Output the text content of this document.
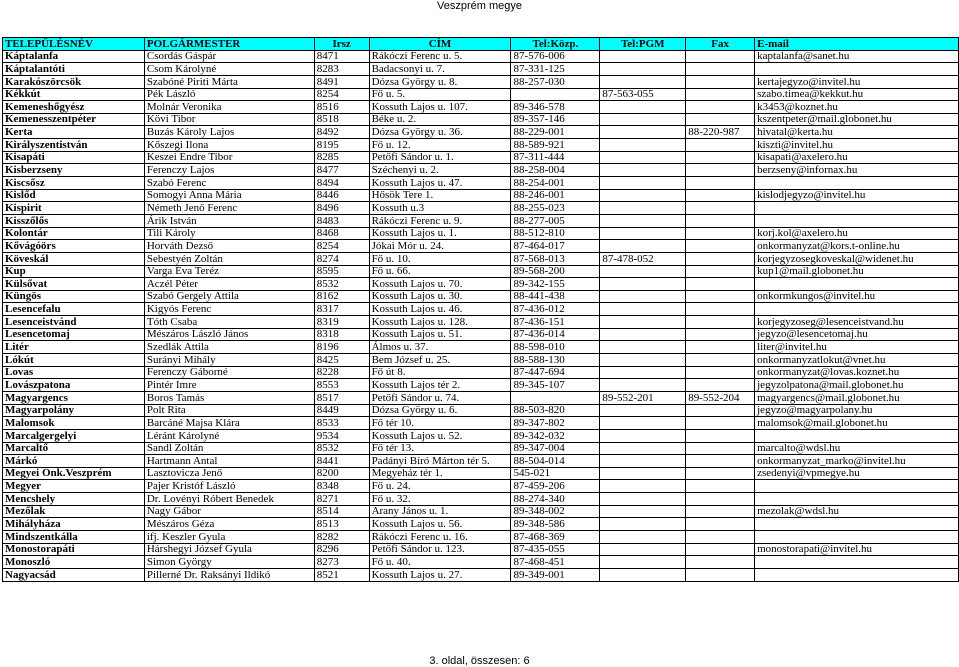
Veszprém megye
TELEPÜLÉSNÉV	POLGÁRMESTER	Irsz	CÍM	Tel:Közp.	Tel:PGM	Fax	E-mail
Káptalanfa	Csordás Gáspár	8471	Rákóczi Ferenc u. 5.	87-576-006			kaptalanfa@sanet.hu
Káptalantóti	Csom Károlyné	8283	Badacsonyi u. 7.	87-331-125			
Karakószörcsök	Szabóné Piriti Márta	8491	Dózsa György u. 8.	88-257-030			kertajegyzo@invitel.hu
Kékkút	Pék László	8254	Fő u. 5.		87-563-055		szabo.timea@kekkut.hu
Kemeneshőgyész	Molnár Veronika	8516	Kossuth Lajos u. 107.	89-346-578			k3453@koznet.hu
Kemenesszentpéter	Kövi Tibor	8518	Béke u. 2.	89-357-146			kszentpeter@mail.globonet.hu
Kerta	Buzás Károly Lajos	8492	Dózsa György u. 36.	88-229-001		88-220-987	hivatal@kerta.hu
Királyszentistván	Kőszegi Ilona	8195	Fő u. 12.	88-589-921			kiszti@invitel.hu
Kisapáti	Keszei Endre Tibor	8285	Petőfi Sándor u. 1.	87-311-444			kisapati@axelero.hu
Kisberzseny	Ferenczy Lajos	8477	Széchenyi u. 2.	88-258-004			berzseny@infornax.hu
Kiscsősz	Szabó Ferenc	8494	Kossuth Lajos u. 47.	88-254-001			
Kislőd	Somogyi Anna Mária	8446	Hősök Tere 1.	88-246-001			kislodjegyzo@invitel.hu
Kispirit	Németh Jenő Ferenc	8496	Kossuth u.3	88-255-023			
Kisszőlős	Árik István	8483	Rákóczi Ferenc u. 9.	88-277-005			
Kolontár	Tili Károly	8468	Kossuth Lajos u. 1.	88-512-810			korj.kol@axelero.hu
Kővágóörs	Horváth Dezső	8254	Jókai Mór u. 24.	87-464-017			onkormanyzat@kors.t-online.hu
Köveskál	Sebestyén Zoltán	8274	Fő u. 10.	87-568-013	87-478-052		korjegyzosegkoveskal@widenet.hu
Kup	Varga Éva Teréz	8595	Fő u. 66.	89-568-200			kup1@mail.globonet.hu
Külsővat	Aczél Péter	8532	Kossuth Lajos u. 70.	89-342-155			
Küngös	Szabó Gergely Attila	8162	Kossuth Lajos u. 30.	88-441-438			onkormkungos@invitel.hu
Lesencefalu	Kigyós Ferenc	8317	Kossuth Lajos u. 46.	87-436-012			
Lesenceistvánd	Tóth Csaba	8319	Kossuth Lajos u. 128.	87-436-151			korjegyzoseg@lesenceistvand.hu
Lesencetomaj	Mészáros László János	8318	Kossuth Lajos u. 51.	87-436-014			jegyzo@lesencetomaj.hu
Litér	Szedlák Attila	8196	Álmos u. 37.	88-598-010			liter@invitel.hu
Lókút	Surányi Mihály	8425	Bem József u. 25.	88-588-130			onkormanyzatlokut@vnet.hu
Lovas	Ferenczy Gáborné	8228	Fő út 8.	87-447-694			onkormanyzat@lovas.koznet.hu
Lovászpatona	Pintér Imre	8553	Kossuth Lajos tér 2.	89-345-107			jegyzolpatona@mail.globonet.hu
Magyargencs	Boros Tamás	8517	Petőfi Sándor u. 74.		89-552-201	89-552-204	magyargencs@mail.globonet.hu
Magyarpolány	Polt Rita	8449	Dózsa György u. 6.	88-503-820			jegyzo@magyarpolany.hu
Malomsok	Barcáné Majsa Klára	8533	Fő tér 10.	89-347-802			malomsok@mail.globonet.hu
Marcalgergelyi	Léránt Károlyné	9534	Kossuth Lajos u. 52.	89-342-032			
Marcaltő	Sandl Zoltán	8532	Fő tér 13.	89-347-004			marcalto@wdsl.hu
Márkó	Hartmann Antal	8441	Padányi Bíró Márton tér 5.	88-504-014			onkormanyzat_marko@invitel.hu
Megyei Önk.Veszprém	Lasztovicza Jenő	8200	Megyeház tér 1.	545-021			zsedenyi@vpmegye.hu
Megyer	Pajer Kristóf László	8348	Fő u. 24.	87-459-206			
Mencshely	Dr. Lovényi Róbert Benedek	8271	Fő u. 32.	88-274-340			
Mezőlak	Nagy Gábor	8514	Arany János u. 1.	89-348-002			mezolak@wdsl.hu
Mihályháza	Mészáros Géza	8513	Kossuth Lajos u. 56.	89-348-586			
Mindszentkálla	ifj. Keszler Gyula	8282	Rákóczi Ferenc u. 16.	87-468-369			
Monostorapáti	Hárshegyi József Gyula	8296	Petőfi Sándor u. 123.	87-435-055			monostorapati@invitel.hu
Monoszló	Simon György	8273	Fő u. 40.	87-468-451			
Nagyacsád	Pillerné Dr. Raksányi Ildikó	8521	Kossuth Lajos u. 27.	89-349-001			
3. oldal, összesen: 6
